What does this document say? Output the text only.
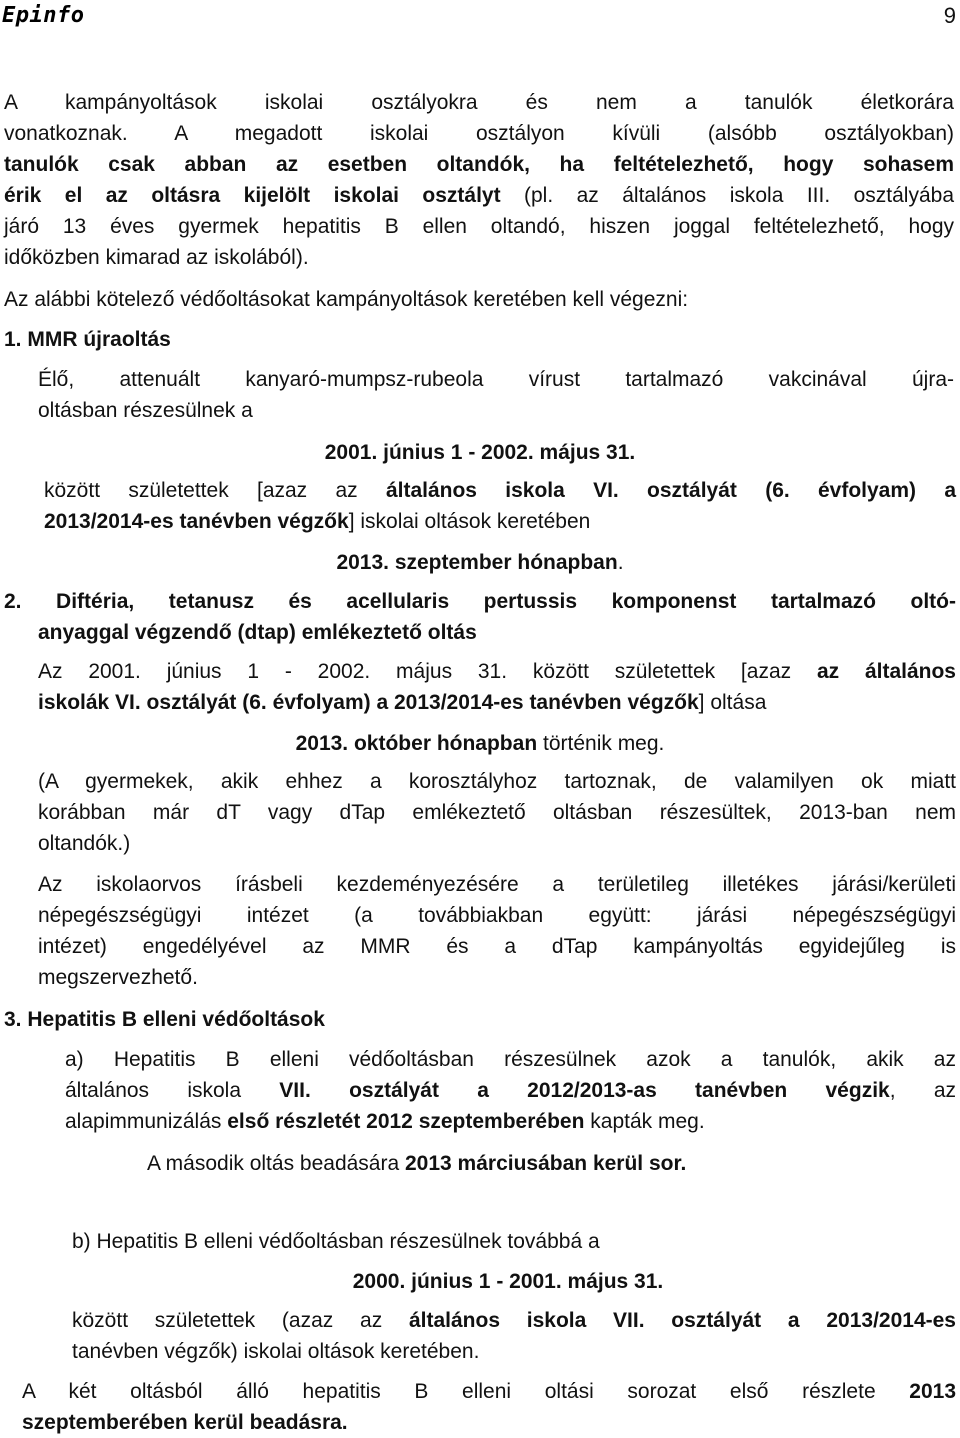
Epinfo	9
A kampányoltások iskolai osztályokra és nem a tanulók életkorára
vonatkoznak. A megadott iskolai osztályon kívüli (alsóbb osztályokban)
tanulók csak abban az esetben oltandók, ha feltételezhető, hogy sohasem
érik el az oltásra kijelölt iskolai osztályt (pl. az általános iskola III. osztályába
járó 13 éves gyermek hepatitis B ellen oltandó, hiszen joggal feltételezhető, hogy
időközben kimarad az iskolából).
Az alábbi kötelező védőoltásokat kampányoltások keretében kell végezni:
1. MMR újraoltás
Élő, attenuált kanyaró-mumpsz-rubeola vírust tartalmazó vakcinával újra-
oltásban részesülnek a
2001. június 1 - 2002. május 31.
között születettek [azaz az általános iskola VI. osztályát (6. évfolyam) a
2013/2014-es tanévben végzők] iskolai oltások keretében
2013. szeptember hónapban.
2. Diftéria, tetanusz és acellularis pertussis komponenst tartalmazó oltó-
anyaggal végzendő (dtap) emlékeztető oltás
Az 2001. június 1 - 2002. május 31. között születettek [azaz az általános
iskolák VI. osztályát (6. évfolyam) a 2013/2014-es tanévben végzők] oltása
2013. október hónapban történik meg.
(A gyermekek, akik ehhez a korosztályhoz tartoznak, de valamilyen ok miatt
korábban már dT vagy dTap emlékeztető oltásban részesültek, 2013-ban nem
oltandók.)
Az iskolaorvos írásbeli kezdeményezésére a területileg illetékes járási/kerületi
népegészségügyi intézet (a továbbiakban együtt: járási népegészségügyi
intézet) engedélyével az MMR és a dTap kampányoltás egyidejűleg is
megszervezhető.
3. Hepatitis B elleni védőoltások
a) Hepatitis B elleni védőoltásban részesülnek azok a tanulók, akik az
általános iskola VII. osztályát a 2012/2013-as tanévben végzik, az
alapimmunizálás első részletét 2012 szeptemberében kapták meg.
A második oltás beadására 2013 márciusában kerül sor.
b) Hepatitis B elleni védőoltásban részesülnek továbbá a
2000. június 1 - 2001. május 31.
között születettek (azaz az általános iskola VII. osztályát a 2013/2014-es
tanévben végzők) iskolai oltások keretében.
A két oltásból álló hepatitis B elleni oltási sorozat első részlete 2013
szeptemberében kerül beadásra.
